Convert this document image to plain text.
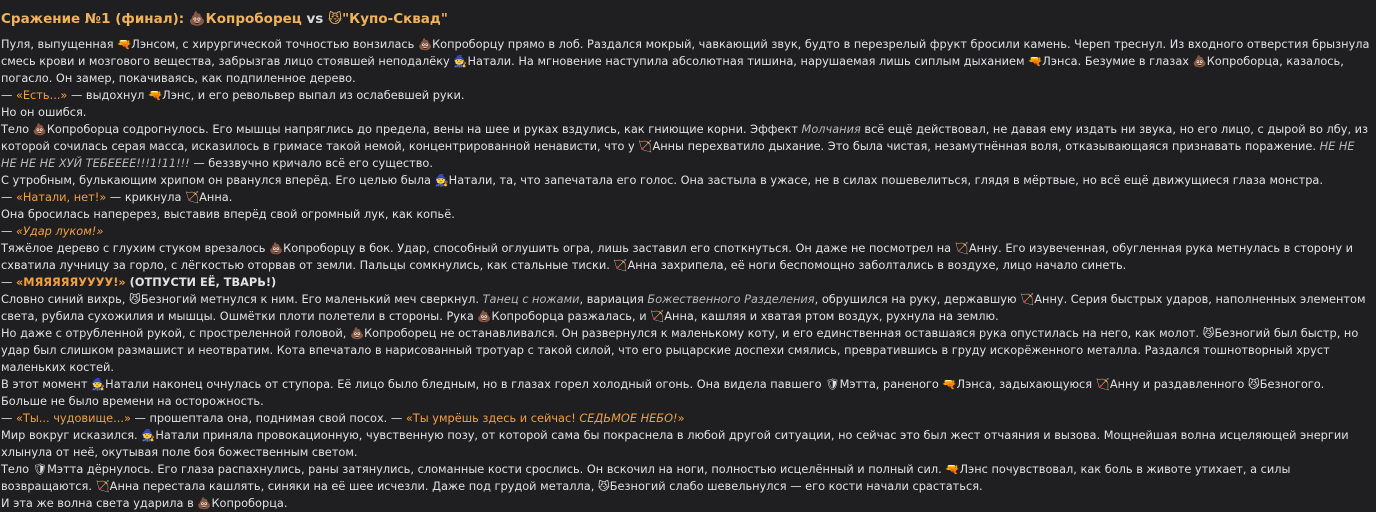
Сражение №1 (финал): 💩Копроборец vs 😼"Купо-Сквад"

Пуля, выпущенная 🔫Лэнсом, с хирургической точностью вонзилась 💩Копроборцу прямо в лоб. Раздался мокрый, чавкающий звук, будто в перезрелый фрукт бросили камень. Череп треснул. Из входного отверстия брызнула смесь крови и мозгового вещества, забрызгав лицо стоявшей неподалёку 🧙Натали. На мгновение наступила абсолютная тишина, нарушаемая лишь сиплым дыханием 🔫Лэнса. Безумие в глазах 💩Копроборца, казалось, погасло. Он замер, покачиваясь, как подпиленное дерево.

— «Есть...» — выдохнул 🔫Лэнс, и его револьвер выпал из ослабевшей руки.

Но он ошибся.

Тело 💩Копроборца содрогнулось. Его мышцы напряглись до предела, вены на шее и руках вздулись, как гниющие корни. Эффект Молчания всё ещё действовал, не давая ему издать ни звука, но его лицо, с дырой во лбу, из которой сочилась серая масса, исказилось в гримасе такой немой, концентрированной ненависти, что у 🏹Анны перехватило дыхание. Это была чистая, незамутнённая воля, отказывающаяся признавать поражение. НЕ НЕ НЕ НЕ НЕ ХУЙ ТЕБЕЕЕЕ!!!1!11!!! — беззвучно кричало всё его существо.

С утробным, булькающим хрипом он рванулся вперёд. Его целью была 🧙Натали, та, что запечатала его голос. Она застыла в ужасе, не в силах пошевелиться, глядя в мёртвые, но всё ещё движущиеся глаза монстра.

— «Натали, нет!» — крикнула 🏹Анна.

Она бросилась наперерез, выставив вперёд свой огромный лук, как копьё.

— «Удар луком!»

Тяжёлое дерево с глухим стуком врезалось 💩Копроборцу в бок. Удар, способный оглушить огра, лишь заставил его споткнуться. Он даже не посмотрел на 🏹Анну. Его изувеченная, обугленная рука метнулась в сторону и схватила лучницу за горло, с лёгкостью оторвав от земли. Пальцы сомкнулись, как стальные тиски. 🏹Анна захрипела, её ноги беспомощно заболтались в воздухе, лицо начало синеть.

— «МЯЯЯЯЯУУУУ!» (ОТПУСТИ ЕЁ, ТВАРЬ!)

Словно синий вихрь, 😼Безногий метнулся к ним. Его маленький меч сверкнул. Танец с ножами, вариация Божественного Разделения, обрушился на руку, державшую 🏹Анну. Серия быстрых ударов, наполненных элементом света, рубила сухожилия и мышцы. Ошмётки плоти полетели в стороны. Рука 💩Копроборца разжалась, и 🏹Анна, кашляя и хватая ртом воздух, рухнула на землю.

Но даже с отрубленной рукой, с простреленной головой, 💩Копроборец не останавливался. Он развернулся к маленькому коту, и его единственная оставшаяся рука опустилась на него, как молот. 😼Безногий был быстр, но удар был слишком размашист и неотвратим. Кота впечатало в нарисованный тротуар с такой силой, что его рыцарские доспехи смялись, превратившись в груду искорёженного металла. Раздался тошнотворный хруст маленьких костей.

В этот момент 🧙Натали наконец очнулась от ступора. Её лицо было бледным, но в глазах горел холодный огонь. Она видела павшего 🛡Мэтта, раненого 🔫Лэнса, задыхающуюся 🏹Анну и раздавленного 😼Безногого. Больше не было времени на осторожность.

— «Ты... чудовище...» — прошептала она, поднимая свой посох. — «Ты умрёшь здесь и сейчас! СЕДЬМОЕ НЕБО!»

Мир вокруг исказился. 🧙Натали приняла провокационную, чувственную позу, от которой сама бы покраснела в любой другой ситуации, но сейчас это был жест отчаяния и вызова. Мощнейшая волна исцеляющей энергии хлынула от неё, окутывая поле боя божественным светом.

Тело 🛡Мэтта дёрнулось. Его глаза распахнулись, раны затянулись, сломанные кости срослись. Он вскочил на ноги, полностью исцелённый и полный сил. 🔫Лэнс почувствовал, как боль в животе утихает, а силы возвращаются. 🏹Анна перестала кашлять, синяки на её шее исчезли. Даже под грудой металла, 😼Безногий слабо шевельнулся — его кости начали срастаться.

И эта же волна света ударила в 💩Копроборца.
